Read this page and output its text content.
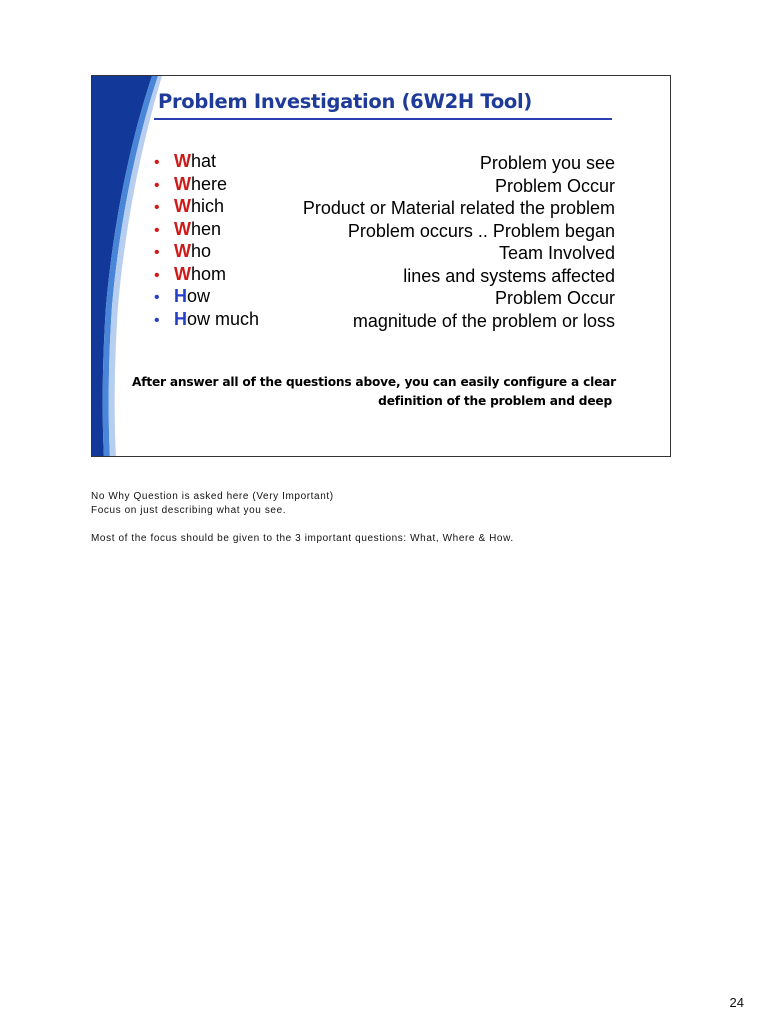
Problem Investigation (6W2H Tool)
• What
• Where
• Which
• When
• Who
• Whom
• How
• How much
Problem you see
Problem Occur
Product or Material related the problem
Problem occurs .. Problem began
Team Involved
lines and systems affected
Problem Occur
magnitude of the problem or loss
After answer all of the questions above, you can easily configure a clear
definition of the problem and deep

No Why Question is asked here (Very Important)

Focus on just describing what you see.

Most of the focus should be given to the 3 important questions: What, Where & How.

24
